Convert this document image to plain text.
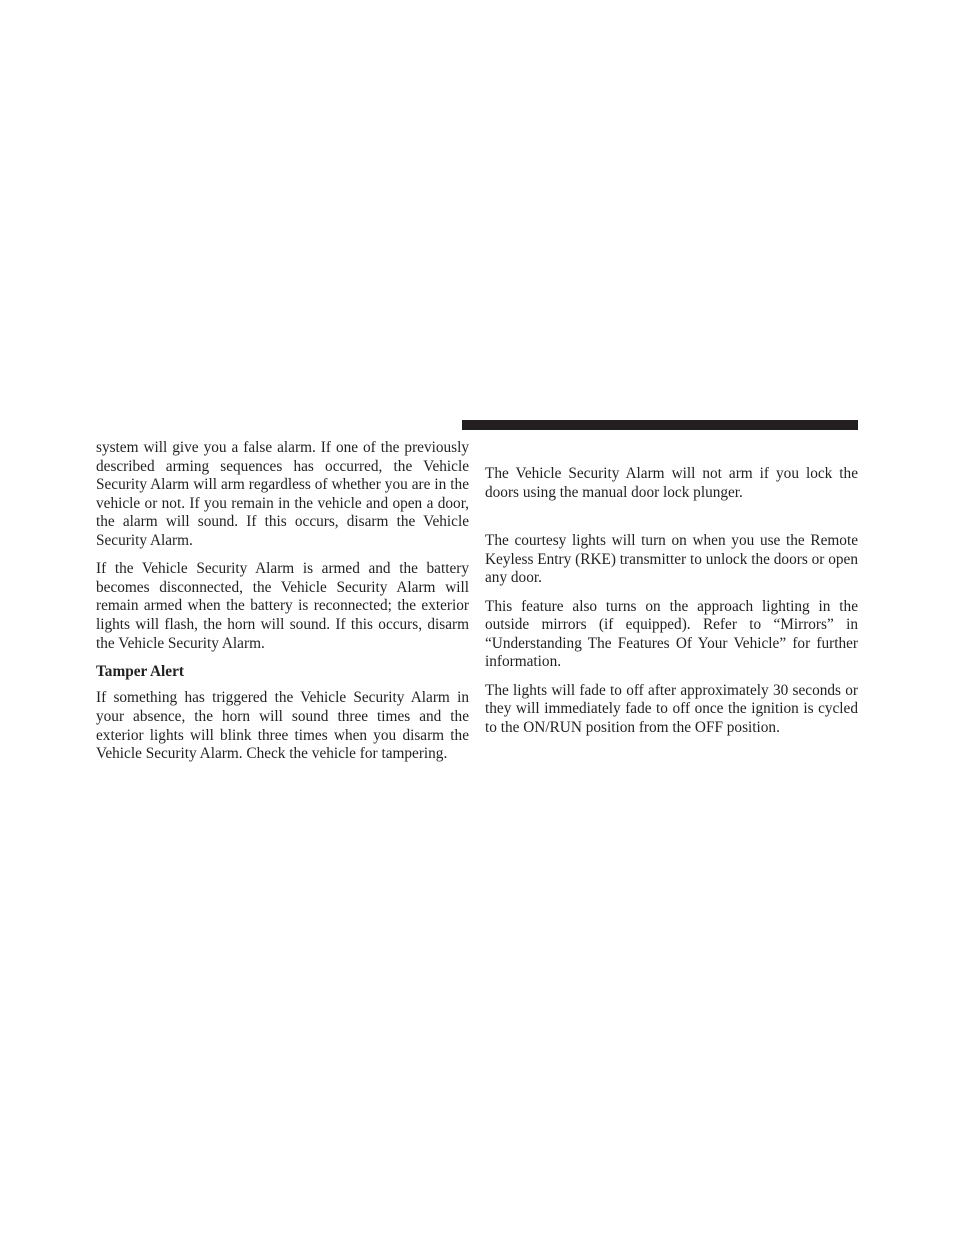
system will give you a false alarm. If one of the previously described arming sequences has occurred, the Vehicle Security Alarm will arm regardless of whether you are in the vehicle or not. If you remain in the vehicle and open a door, the alarm will sound. If this occurs, disarm the Vehicle Security Alarm.

If the Vehicle Security Alarm is armed and the battery becomes disconnected, the Vehicle Security Alarm will remain armed when the battery is reconnected; the exterior lights will flash, the horn will sound. If this occurs, disarm the Vehicle Security Alarm.

Tamper Alert

If something has triggered the Vehicle Security Alarm in your absence, the horn will sound three times and the exterior lights will blink three times when you disarm the Vehicle Security Alarm. Check the vehicle for tampering.

The Vehicle Security Alarm will not arm if you lock the doors using the manual door lock plunger.

The courtesy lights will turn on when you use the Remote Keyless Entry (RKE) transmitter to unlock the doors or open any door.

This feature also turns on the approach lighting in the outside mirrors (if equipped). Refer to “Mirrors” in “Understanding The Features Of Your Vehicle” for further information.

The lights will fade to off after approximately 30 seconds or they will immediately fade to off once the ignition is cycled to the ON/RUN position from the OFF position.
